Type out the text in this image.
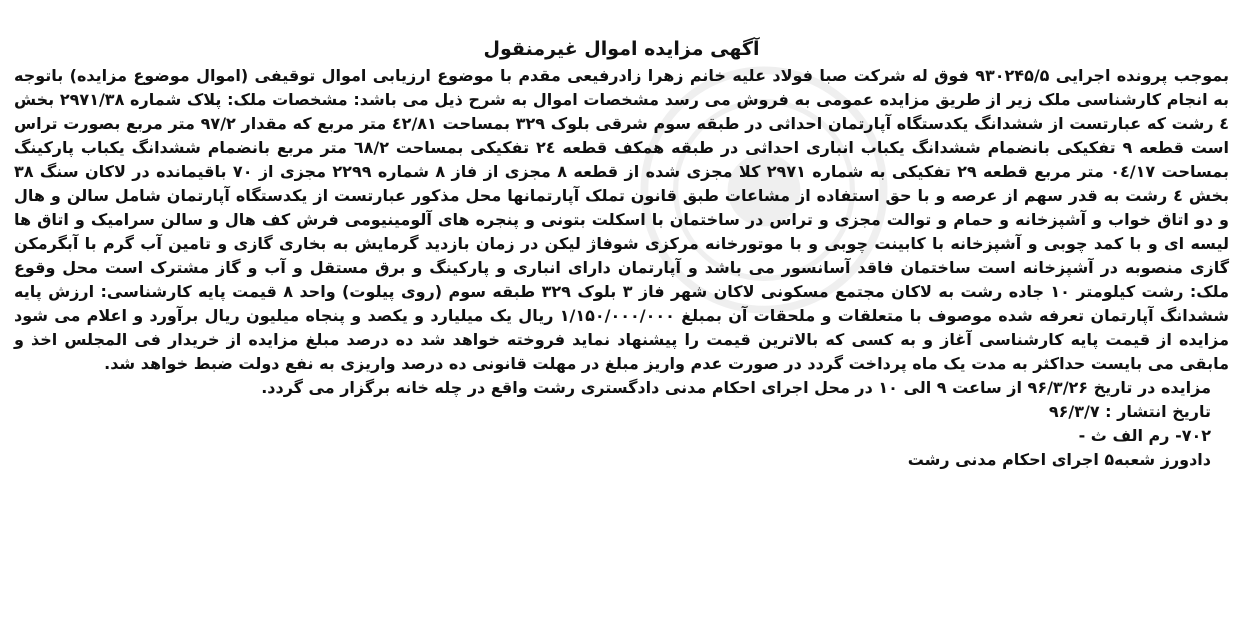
آگهی مزایده اموال غیرمنقول

بموجب پرونده اجرایی ۹۳۰۲۴۵/۵ فوق له شرکت صبا فولاد علیه خانم زهرا زادرفیعی مقدم با موضوع ارزیابی اموال توقیفی (اموال موضوع مزایده) باتوجه به انجام کارشناسی ملک زیر از طریق مزایده عمومی به فروش می رسد مشخصات اموال به شرح ذیل می باشد: مشخصات ملک: پلاک شماره ۲۹۷۱/۳۸ بخش ٤ رشت که عبارتست از ششدانگ یکدستگاه آپارتمان احداثی در طبقه سوم شرقی بلوک ۳۲۹ بمساحت ٤٢/٨١ متر مربع که مقدار ۹۷/۲ متر مربع بصورت تراس است قطعه ۹ تفکیکی بانضمام ششدانگ یکباب انباری احداثی در طبقه همکف قطعه ٢٤ تفکیکی بمساحت ٦٨/٢ متر مربع بانضمام ششدانگ یکباب پارکینگ بمساحت ٠٤/١٧ متر مربع قطعه ۲۹ تفکیکی به شماره ۲۹۷۱ کلا مجزی شده از قطعه ۸ مجزی از فاز ۸ شماره ۲۲۹۹ مجزی از ۷۰ باقیمانده در لاکان سنگ ۳۸ بخش ٤ رشت به قدر سهم از عرصه و با حق استفاده از مشاعات طبق قانون تملک آپارتمانها محل مذکور عبارتست از یکدستگاه آپارتمان شامل سالن و هال و دو اتاق خواب و آشپزخانه و حمام و توالت مجزی و تراس در ساختمان با اسکلت بتونی و پنجره های آلومینیومی فرش کف هال و سالن سرامیک و اتاق ها لیسه ای و با کمد چوبی و آشپزخانه با کابینت چوبی و با موتورخانه مرکزی شوفاژ لیکن در زمان بازدید گرمایش به بخاری گازی و تامین آب گرم با آبگرمکن گازی منصوبه در آشپزخانه است ساختمان فاقد آسانسور می باشد و آپارتمان دارای انباری و پارکینگ و برق مستقل و آب و گاز مشترک است محل وقوع ملک: رشت کیلومتر ۱۰ جاده رشت به لاکان مجتمع مسکونی لاکان شهر فاز ۳ بلوک ۳۲۹ طبقه سوم (روی پیلوت) واحد ۸ قیمت پایه کارشناسی: ارزش پایه ششدانگ آپارتمان تعرفه شده موصوف با متعلقات و ملحقات آن بمبلغ ۱/۱۵۰/۰۰۰/۰۰۰ ریال یک میلیارد و یکصد و پنجاه میلیون ریال برآورد و اعلام می شود مزایده از قیمت پایه کارشناسی آغاز و به کسی که بالاترین قیمت را پیشنهاد نماید فروخته خواهد شد ده درصد مبلغ مزایده از خریدار فی المجلس اخذ و مابقی می بایست حداکثر به مدت یک ماه پرداخت گردد در صورت عدم واریز مبلغ در مهلت قانونی ده درصد واریزی به نفع دولت ضبط خواهد شد.

مزایده در تاریخ ۹۶/۳/۲۶ از ساعت ۹ الی ۱۰ در محل اجرای احکام مدنی دادگستری رشت واقع در چله خانه برگزار می گردد.

تاریخ انتشار : ۹۶/۳/۷

۷۰۲- رم الف ث -

دادورز شعبه۵ اجرای احکام مدنی رشت
